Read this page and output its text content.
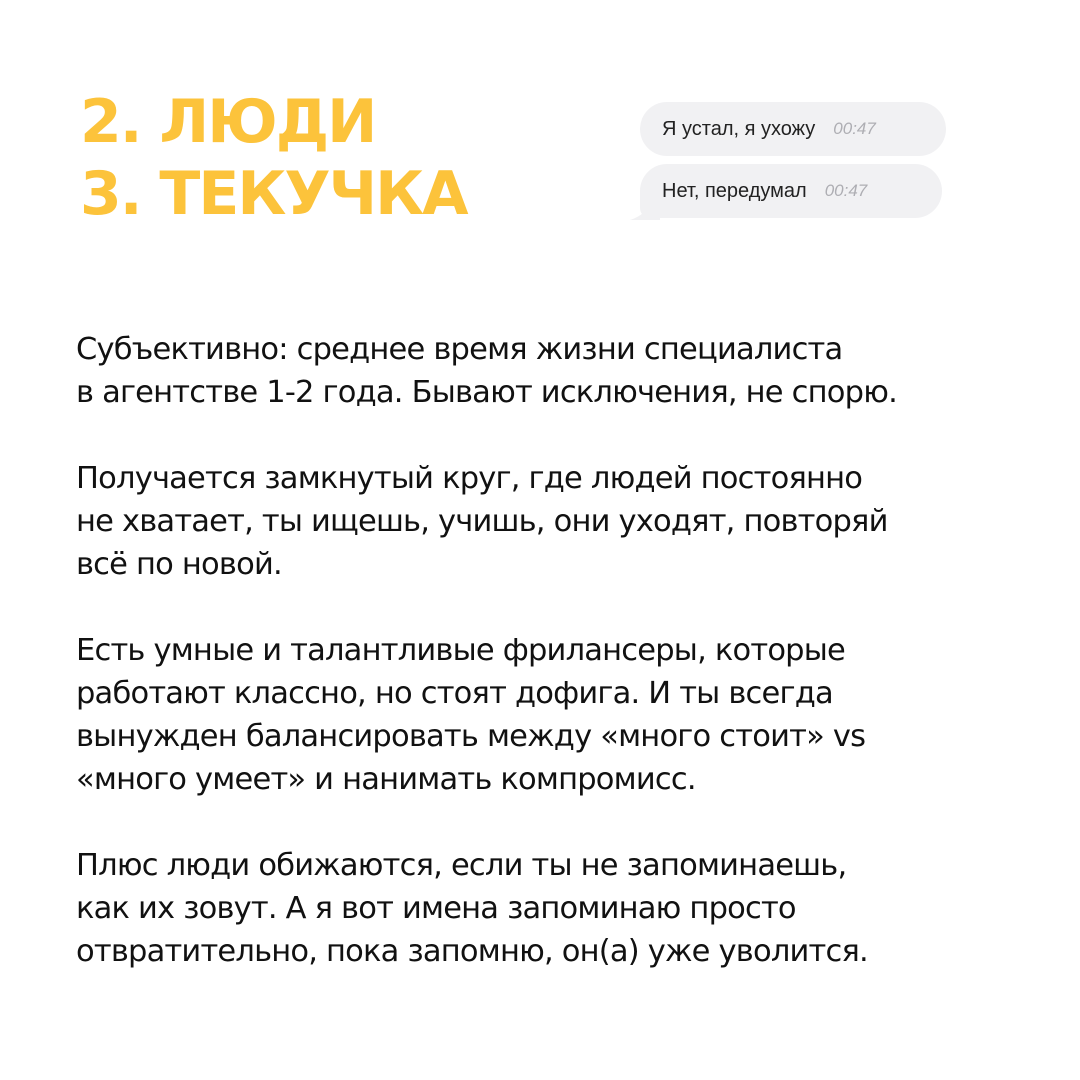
2. ЛЮДИ
3. ТЕКУЧКА
Я устал, я ухожу 00:47
Нет, передумал 00:47

Субъективно: среднее время жизни специалиста
в агентстве 1-2 года. Бывают исключения, не спорю.

Получается замкнутый круг, где людей постоянно
не хватает, ты ищешь, учишь, они уходят, повторяй
всё по новой.

Есть умные и талантливые фрилансеры, которые
работают классно, но стоят дофига. И ты всегда
вынужден балансировать между «много стоит» vs
«много умеет» и нанимать компромисс.

Плюс люди обижаются, если ты не запоминаешь,
как их зовут. А я вот имена запоминаю просто
отвратительно, пока запомню, он(а) уже уволится.
